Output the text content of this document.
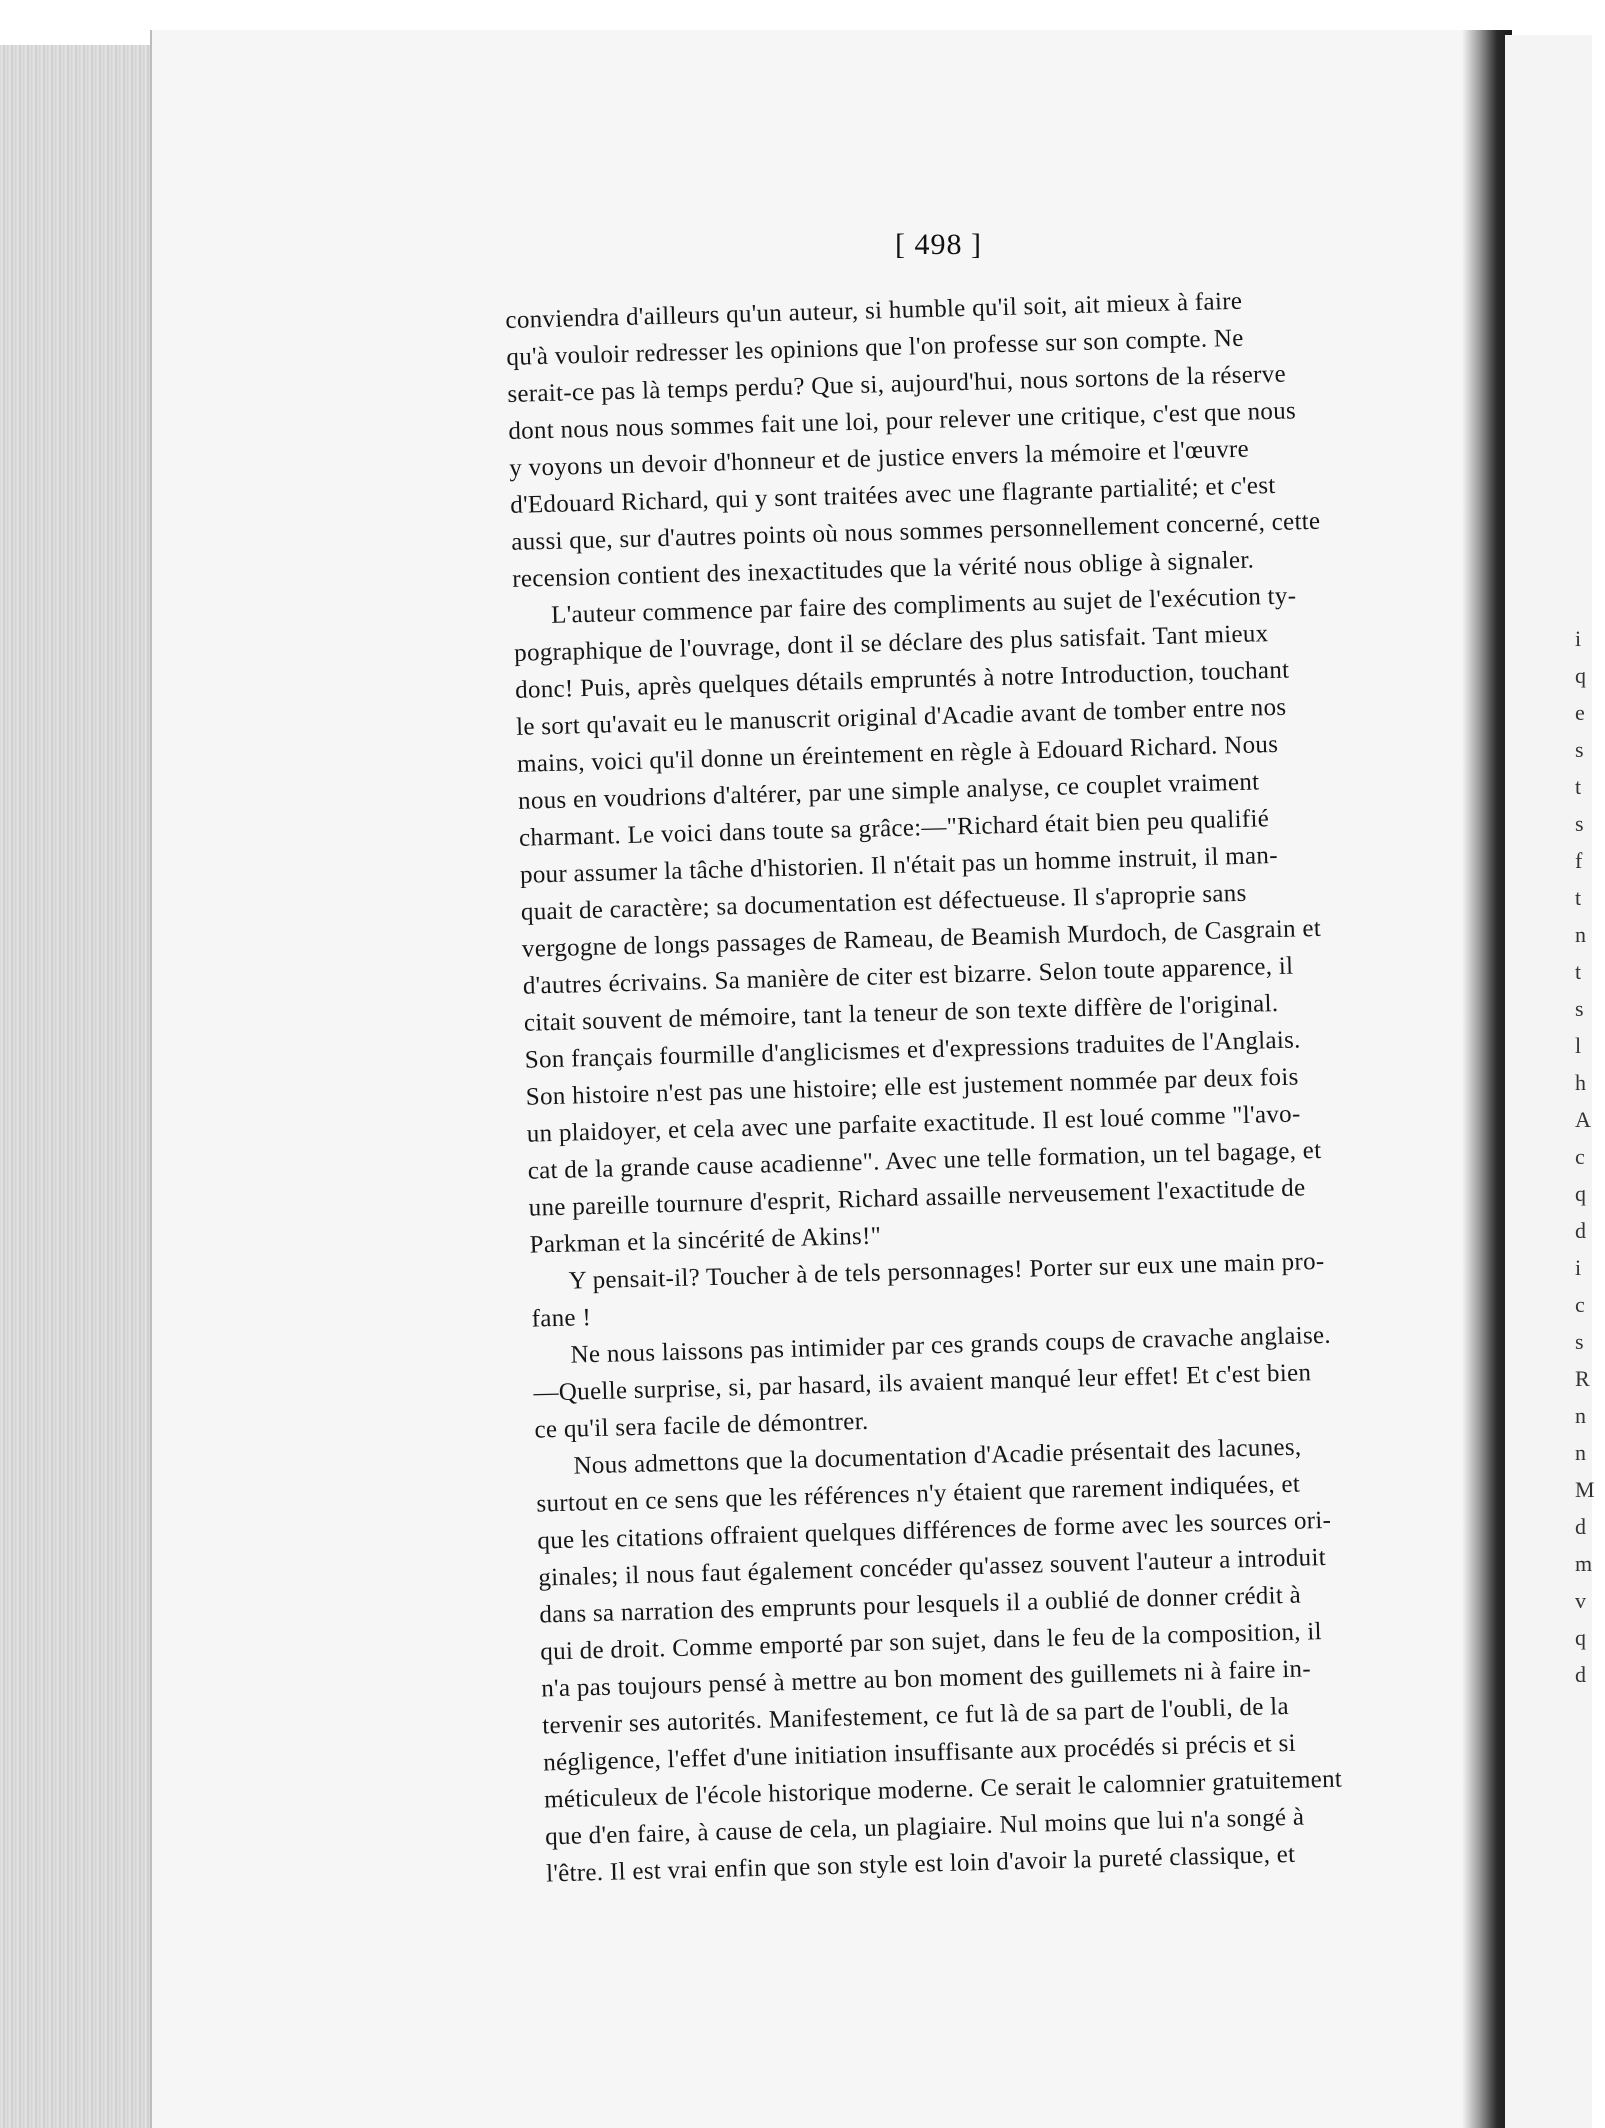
i
q
e
s
t
s
f
t
n
t
s
l
h
A
c
q
d
i
c
s
R
n
n
M
d
m
v
q
d
[ 498 ]
conviendra d'ailleurs qu'un auteur, si humble qu'il soit, ait mieux à faire
qu'à vouloir redresser les opinions que l'on professe sur son compte. Ne
serait-ce pas là temps perdu? Que si, aujourd'hui, nous sortons de la réserve
dont nous nous sommes fait une loi, pour relever une critique, c'est que nous
y voyons un devoir d'honneur et de justice envers la mémoire et l'œuvre
d'Edouard Richard, qui y sont traitées avec une flagrante partialité; et c'est
aussi que, sur d'autres points où nous sommes personnellement concerné, cette
recension contient des inexactitudes que la vérité nous oblige à signaler.
L'auteur commence par faire des compliments au sujet de l'exécution ty-
pographique de l'ouvrage, dont il se déclare des plus satisfait. Tant mieux
donc! Puis, après quelques détails empruntés à notre Introduction, touchant
le sort qu'avait eu le manuscrit original d'Acadie avant de tomber entre nos
mains, voici qu'il donne un éreintement en règle à Edouard Richard. Nous
nous en voudrions d'altérer, par une simple analyse, ce couplet vraiment
charmant. Le voici dans toute sa grâce:—"Richard était bien peu qualifié
pour assumer la tâche d'historien. Il n'était pas un homme instruit, il man-
quait de caractère; sa documentation est défectueuse. Il s'aproprie sans
vergogne de longs passages de Rameau, de Beamish Murdoch, de Casgrain et
d'autres écrivains. Sa manière de citer est bizarre. Selon toute apparence, il
citait souvent de mémoire, tant la teneur de son texte diffère de l'original.
Son français fourmille d'anglicismes et d'expressions traduites de l'Anglais.
Son histoire n'est pas une histoire; elle est justement nommée par deux fois
un plaidoyer, et cela avec une parfaite exactitude. Il est loué comme "l'avo-
cat de la grande cause acadienne". Avec une telle formation, un tel bagage, et
une pareille tournure d'esprit, Richard assaille nerveusement l'exactitude de
Parkman et la sincérité de Akins!"
Y pensait-il? Toucher à de tels personnages! Porter sur eux une main pro-
fane !
Ne nous laissons pas intimider par ces grands coups de cravache anglaise.
—Quelle surprise, si, par hasard, ils avaient manqué leur effet! Et c'est bien
ce qu'il sera facile de démontrer.
Nous admettons que la documentation d'Acadie présentait des lacunes,
surtout en ce sens que les références n'y étaient que rarement indiquées, et
que les citations offraient quelques différences de forme avec les sources ori-
ginales; il nous faut également concéder qu'assez souvent l'auteur a introduit
dans sa narration des emprunts pour lesquels il a oublié de donner crédit à
qui de droit. Comme emporté par son sujet, dans le feu de la composition, il
n'a pas toujours pensé à mettre au bon moment des guillemets ni à faire in-
tervenir ses autorités. Manifestement, ce fut là de sa part de l'oubli, de la
négligence, l'effet d'une initiation insuffisante aux procédés si précis et si
méticuleux de l'école historique moderne. Ce serait le calomnier gratuitement
que d'en faire, à cause de cela, un plagiaire. Nul moins que lui n'a songé à
l'être. Il est vrai enfin que son style est loin d'avoir la pureté classique, et
